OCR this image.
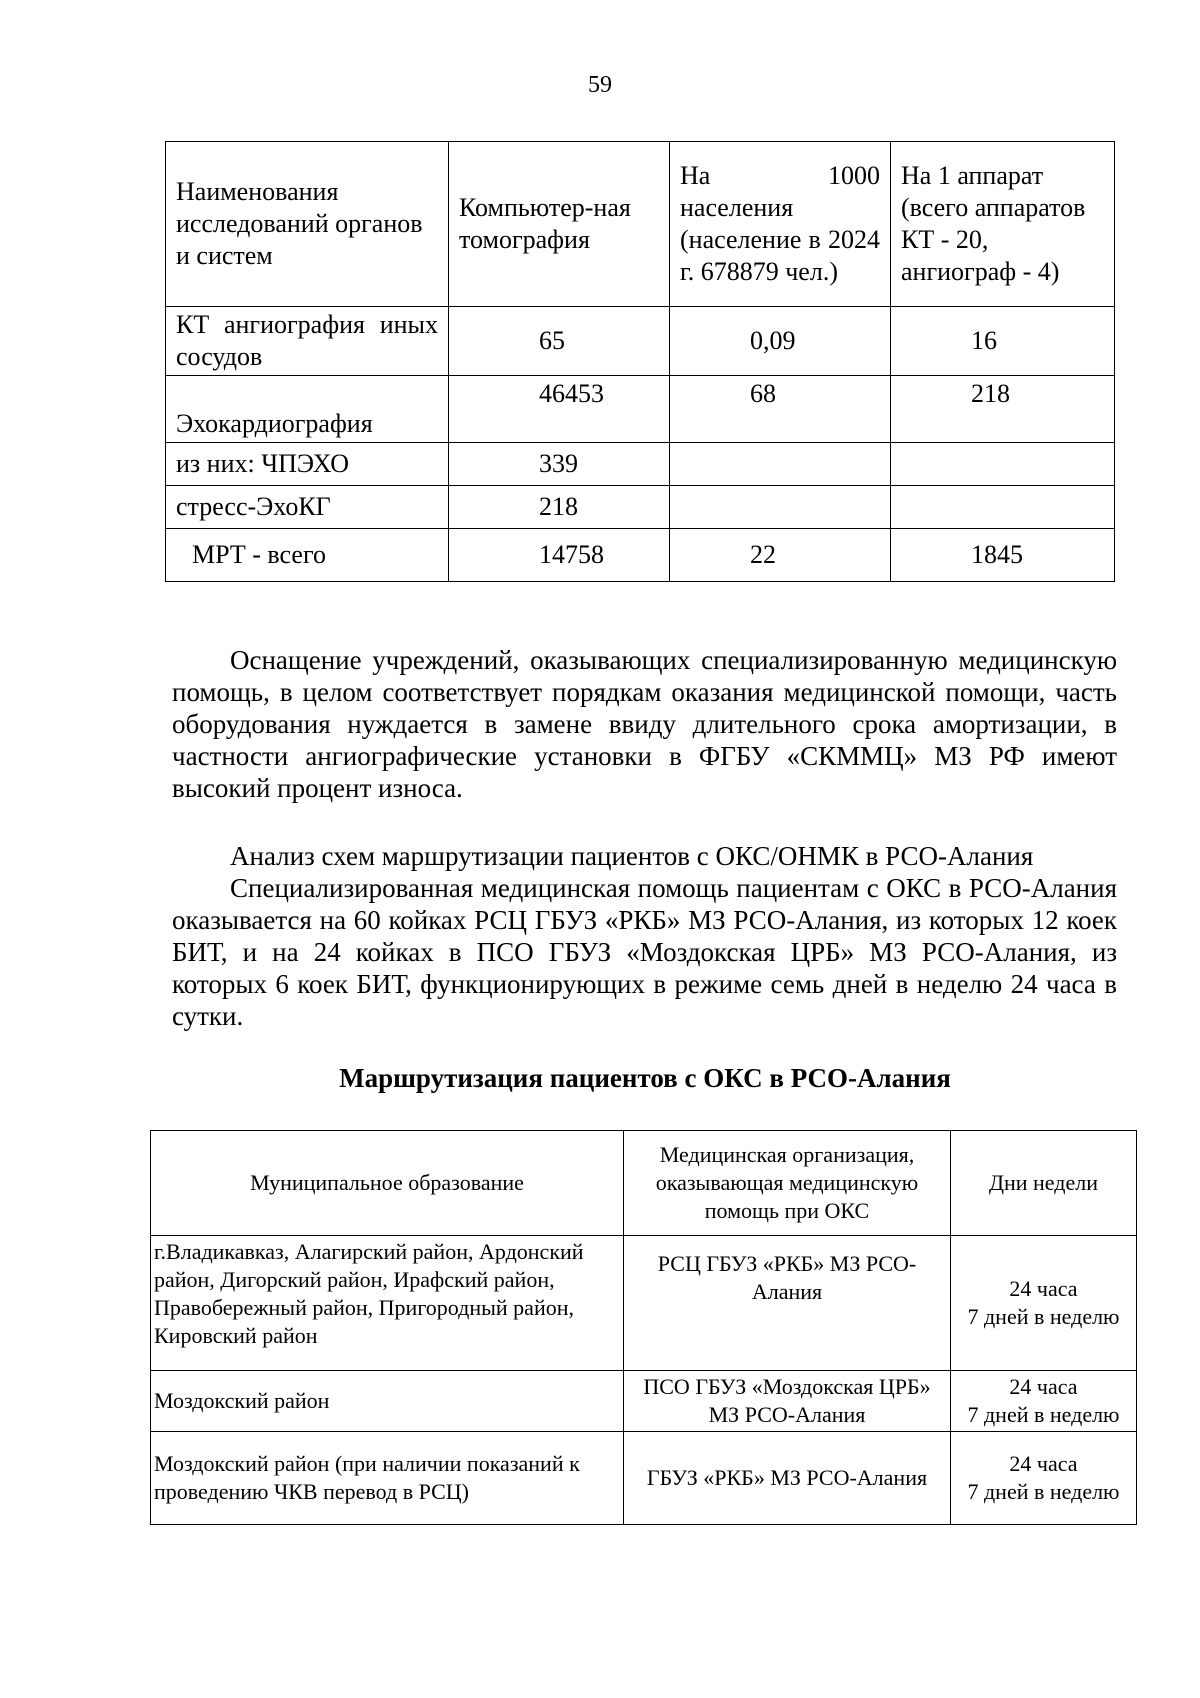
59
Наименования исследований органов и систем	Компьютер-ная томография	На 1000 населения (население в 2024 г. 678879 чел.)	На 1 аппарат (всего аппаратов КТ - 20, ангиограф - 4)
КТ ангиография иных сосудов	65	0,09	16
Эхокардиография	46453	68	218
из них: ЧПЭХО	339		
стресс-ЭхоКГ	218		
МРТ - всего	14758	22	1845

Оснащение учреждений, оказывающих специализированную медицинскую помощь, в целом соответствует порядкам оказания медицинской помощи, часть оборудования нуждается в замене ввиду длительного срока амортизации, в частности ангиографические установки в ФГБУ «СКММЦ» МЗ РФ имеют высокий процент износа.

Анализ схем маршрутизации пациентов с ОКС/ОНМК в РСО-Алания

Специализированная медицинская помощь пациентам с ОКС в РСО-Алания оказывается на 60 койках РСЦ ГБУЗ «РКБ» МЗ РСО-Алания, из которых 12 коек БИТ, и на 24 койках в ПСО ГБУЗ «Моздокская ЦРБ» МЗ РСО-Алания, из которых 6 коек БИТ, функционирующих в режиме семь дней в неделю 24 часа в сутки.

Маршрутизация пациентов с ОКС в РСО-Алания
Муниципальное образование	Медицинская организация, оказывающая медицинскую помощь при ОКС	Дни недели
г.Владикавказ, Алагирский район, Ардонский район, Дигорский район, Ирафский район, Правобережный район, Пригородный район, Кировский район	РСЦ ГБУЗ «РКБ» МЗ РСО-Алания	24 часа
7 дней в неделю

Моздокский район	ПСО ГБУЗ «Моздокская ЦРБ» МЗ РСО-Алания	24 часа
7 дней в неделю

Моздокский район (при наличии показаний к проведению ЧКВ перевод в РСЦ)	ГБУЗ «РКБ» МЗ РСО-Алания	24 часа
7 дней в неделю
